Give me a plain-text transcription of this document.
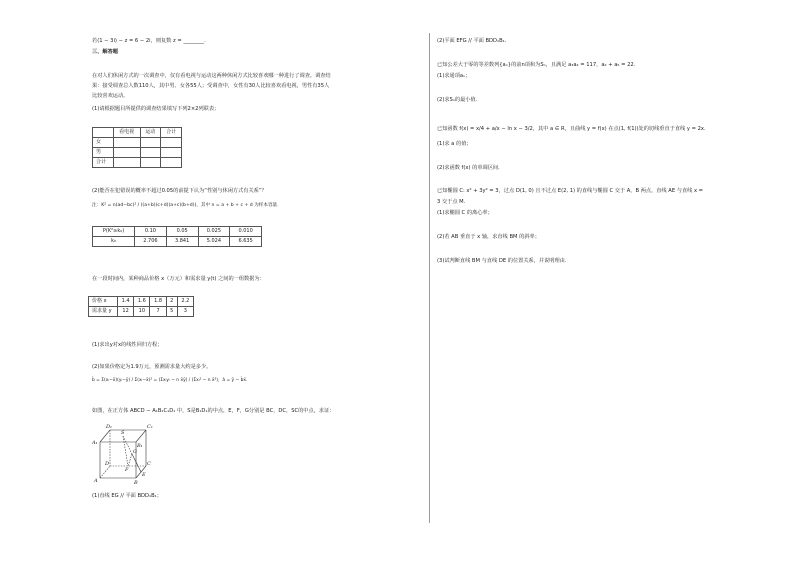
若(1 − 3i) − z = 6 − 2i，则复数 z = ________.
三、解答题
在对人们休闲方式的一次调查中，仅有看电视与运动这两种休闲方式比较喜欢哪一种进行了调查。调查结
果：接受调查总人数110人，其中男、女各55人；受调查中，女性有30人比较喜欢看电视，男性有35人
比较喜欢运动。
(1)请根据题目所提供的调查结果填写下列2×2列联表；
	看电视	运动	合计
女			
男			
合计			
(2)能否在犯错误的概率不超过0.05的前提下认为“性别与休闲方式有关系”？
注：K² = n(ad−bc)² / ((a+b)(c+d)(a+c)(b+d))，其中 n = a + b + c + d 为样本容量.
P(K²≥k₀)	0.10	0.05	0.025	0.010
k₀	2.706	3.841	5.024	6.635
在一段时间内，某种商品价格 x（万元）和需求量 y(t) 之间的一组数据为：
价格 x	1.4	1.6	1.8	2	2.2
需求量 y	12	10	7	5	3
(1)求出y对x的线性回归方程；
(2)如果价格定为1.9万元，预测需求量大约是多少。
b̂ = Σ(xᵢ−x̄)(yᵢ−ȳ) / Σ(xᵢ−x̄)² = (Σxᵢyᵢ − n x̄ȳ) / (Σxᵢ² − n x̄²)，â = ȳ − b̂x̄.
如图，在正方体 ABCD − A₁B₁C₁D₁ 中，S是B₁D₁的中点，E，F，G分别是 BC，DC，SC的中点，求证：
D₁	C₁
A₁	B₁
S
D	C
A	B
G
F
E
(1)直线 EG // 平面 BDD₁B₁；
(2)平面 EFG // 平面 BDD₁B₁.
已知公差大于零的等差数列{aₙ}的前n项和为Sₙ，且满足 a₃a₄ = 117，a₂ + a₅ = 22.
(1)求通项aₙ；
(2)求Sₙ的最小值.
已知函数 f(x) = x/4 + a/x − ln x − 3/2，其中 a ∈ R，且曲线 y = f(x) 在点(1, f(1))处的切线垂直于直线 y = 2x.
(1)求 a 的值；
(2)求函数 f(x) 的单调区间.
已知椭圆 C: x² + 3y² = 3，过点 D(1, 0) 且不过点 E(2, 1) 的直线与椭圆 C 交于 A，B 两点，直线 AE 与直线 x =
3 交于点 M.
(1)求椭圆 C 的离心率；
(2)若 AB 垂直于 x 轴，求直线 BM 的斜率；
(3)试判断直线 BM 与直线 DE 的位置关系，并说明理由.
